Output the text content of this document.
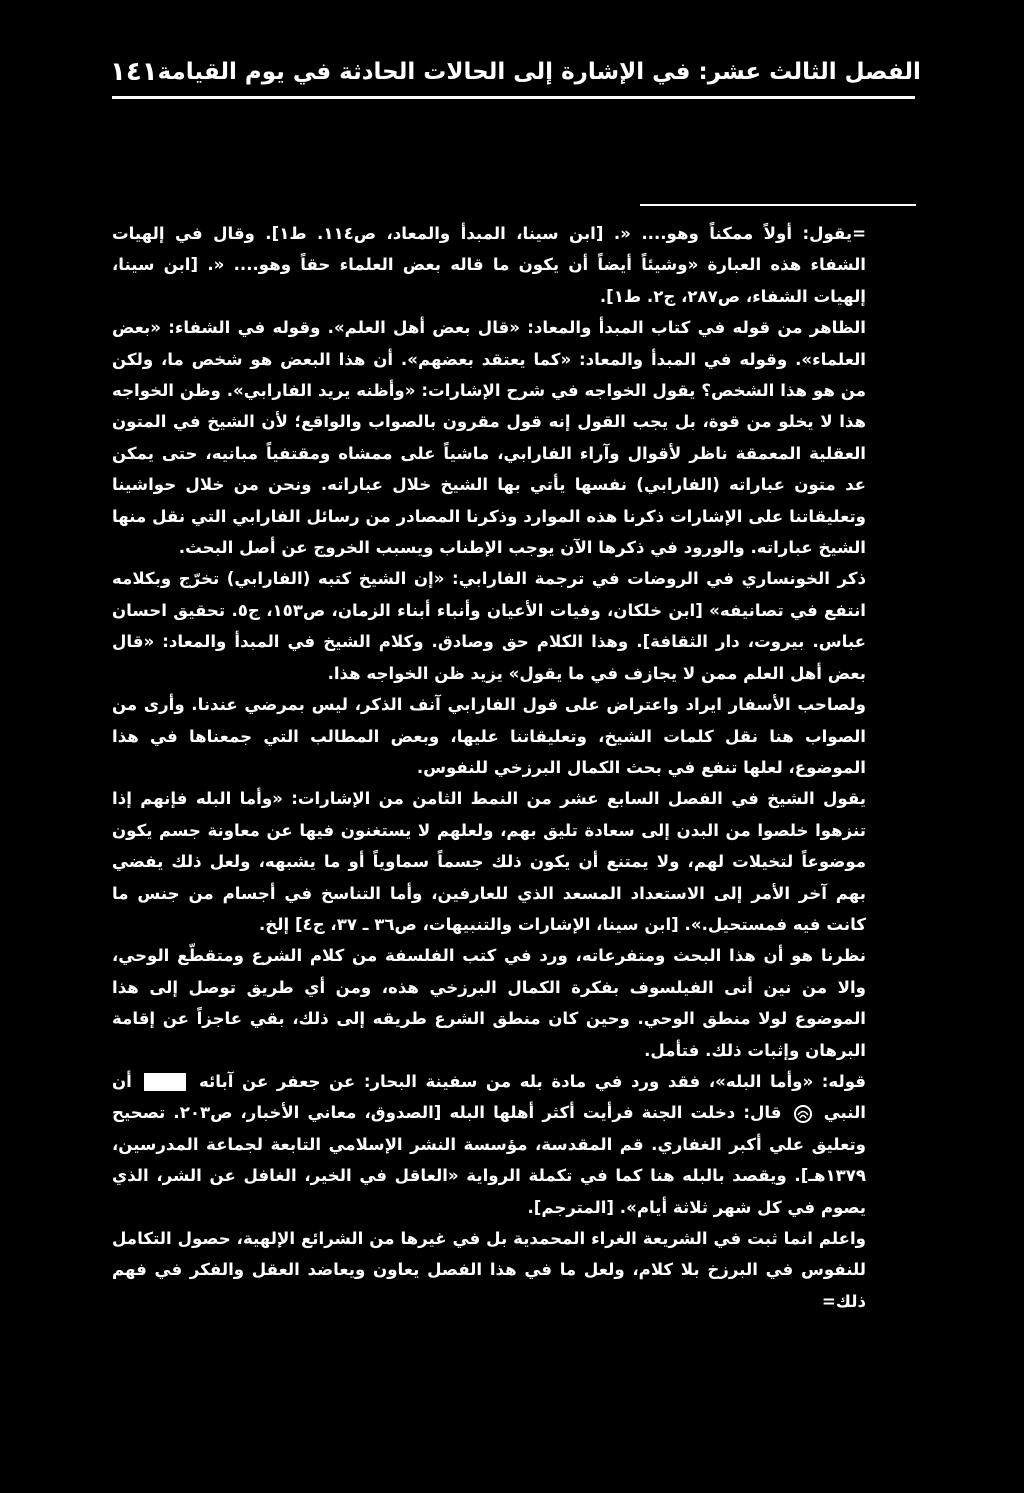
١٤١ الفصل الثالث عشر: في الإشارة إلى الحالات الحادثة في يوم القيامة

=يقول: أولاً ممكناً وهو.... «. [ابن سينا، المبدأ والمعاد، ص١١٤. ط١]. وقال في إلهيات الشفاء هذه العبارة «وشيئاً أيضاً أن يكون ما قاله بعض العلماء حقاً وهو.... «. [ابن سينا، إلهيات الشفاء، ص٢٨٧، ج٢. ط١].

الظاهر من قوله في كتاب المبدأ والمعاد: «قال بعض أهل العلم». وقوله في الشفاء: «بعض العلماء». وقوله في المبدأ والمعاد: «كما يعتقد بعضهم». أن هذا البعض هو شخص ما، ولكن من هو هذا الشخص؟ يقول الخواجه في شرح الإشارات: «وأظنه يريد الفارابي». وظن الخواجه هذا لا يخلو من قوة، بل يجب القول إنه قول مقرون بالصواب والواقع؛ لأن الشيخ في المتون العقلية المعمقة ناظر لأقوال وآراء الفارابي، ماشياً على ممشاه ومقتفياً مبانيه، حتى يمكن عد متون عباراته (الفارابي) نفسها يأتي بها الشيخ خلال عباراته. ونحن من خلال حواشينا وتعليقاتنا على الإشارات ذكرنا هذه الموارد وذكرنا المصادر من رسائل الفارابي التي نقل منها الشيخ عباراته. والورود في ذكرها الآن يوجب الإطناب ويسبب الخروج عن أصل البحث.

ذكر الخونساري في الروضات في ترجمة الفارابي: «إن الشيخ كتبه (الفارابي) تخرّج وبكلامه انتفع في تصانيفه» [ابن خلكان، وفيات الأعيان وأنباء أبناء الزمان، ص١٥٣، ج٥. تحقيق احسان عباس. بيروت، دار الثقافة]. وهذا الكلام حق وصادق. وكلام الشيخ في المبدأ والمعاد: «قال بعض أهل العلم ممن لا يجازف في ما يقول» يزيد ظن الخواجه هذا.

ولصاحب الأسفار ايراد واعتراض على قول الفارابي آنف الذكر، ليس بمرضي عندنا. وأرى من الصواب هنا نقل كلمات الشيخ، وتعليقاتنا عليها، وبعض المطالب التي جمعناها في هذا الموضوع، لعلها تنفع في بحث الكمال البرزخي للنفوس.

يقول الشيخ في الفصل السابع عشر من النمط الثامن من الإشارات: «وأما البله فإنهم إذا تنزهوا خلصوا من البدن إلى سعادة تليق بهم، ولعلهم لا يستغنون فيها عن معاونة جسم يكون موضوعاً لتخيلات لهم، ولا يمتنع أن يكون ذلك جسماً سماوياً أو ما يشبهه، ولعل ذلك يفضي بهم آخر الأمر إلى الاستعداد المسعد الذي للعارفين، وأما التناسخ في أجسام من جنس ما كانت فيه فمستحيل.». [ابن سينا، الإشارات والتنبيهات، ص٣٦ ـ ٣٧، ج٤] إلخ.

نظرنا هو أن هذا البحث ومتفرعاته، ورد في كتب الفلسفة من كلام الشرع ومتقطّع الوحي، والا من نين أتى الفيلسوف بفكرة الكمال البرزخي هذه، ومن أي طريق توصل إلى هذا الموضوع لولا منطق الوحي. وحين كان منطق الشرع طريقه إلى ذلك، بقي عاجزاً عن إقامة البرهان وإثبات ذلك. فتأمل.

قوله: «وأما البله»، فقد ورد في مادة بله من سفينة البحار: عن جعفر عن آبائه  أن النبي  قال: دخلت الجنة فرأيت أكثر أهلها البله [الصدوق، معاني الأخبار، ص٢٠٣. تصحيح وتعليق علي أكبر الغفاري. قم المقدسة، مؤسسة النشر الإسلامي التابعة لجماعة المدرسين، ١٣٧٩هـ]. ويقصد بالبله هنا كما في تكملة الرواية «العاقل في الخير، الغافل عن الشر، الذي يصوم في كل شهر ثلاثة أيام». [المترجم].

واعلم انما ثبت في الشريعة الغراء المحمدية بل في غيرها من الشرائع الإلهية، حصول التكامل للنفوس في البرزخ بلا كلام، ولعل ما في هذا الفصل يعاون ويعاضد العقل والفكر في فهم ذلك=
